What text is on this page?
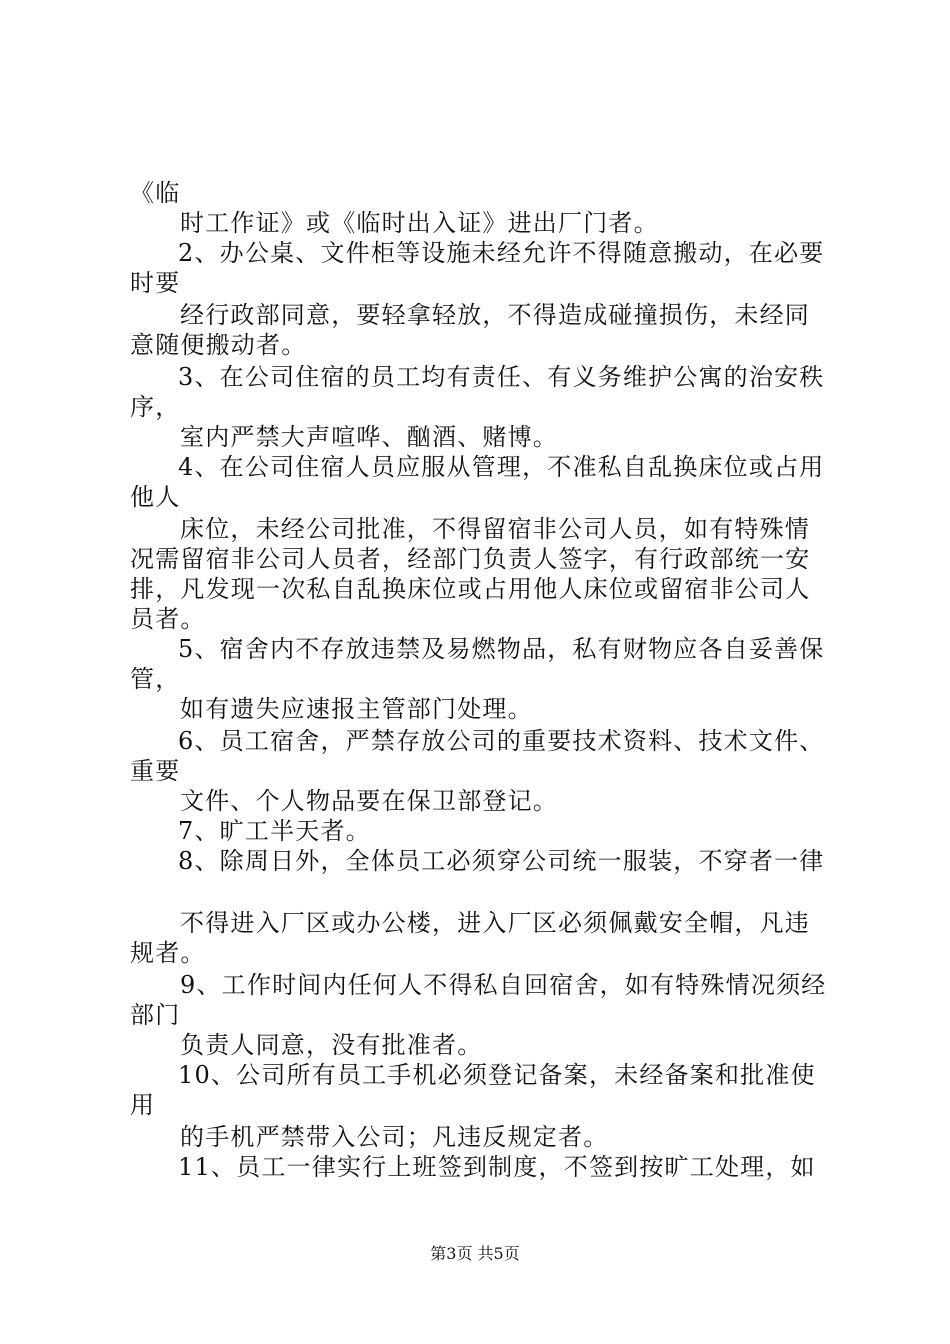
《临
时工作证》或《临时出入证》进出厂门者。
2、办公桌、文件柜等设施未经允许不得随意搬动，在必要
时要
经行政部同意，要轻拿轻放，不得造成碰撞损伤，未经同
意随便搬动者。
3、在公司住宿的员工均有责任、有义务维护公寓的治安秩
序，
室内严禁大声喧哗、酗酒、赌博。
4、在公司住宿人员应服从管理，不准私自乱换床位或占用
他人
床位，未经公司批准，不得留宿非公司人员，如有特殊情
况需留宿非公司人员者，经部门负责人签字，有行政部统一安
排，凡发现一次私自乱换床位或占用他人床位或留宿非公司人
员者。
5、宿舍内不存放违禁及易燃物品，私有财物应各自妥善保
管，
如有遗失应速报主管部门处理。
6、员工宿舍，严禁存放公司的重要技术资料、技术文件、
重要
文件、个人物品要在保卫部登记。
7、旷工半天者。
8、除周日外，全体员工必须穿公司统一服装，不穿者一律
不得进入厂区或办公楼，进入厂区必须佩戴安全帽，凡违
规者。
9、工作时间内任何人不得私自回宿舍，如有特殊情况须经
部门
负责人同意，没有批准者。
10、公司所有员工手机必须登记备案，未经备案和批准使
用
的手机严禁带入公司；凡违反规定者。
11、员工一律实行上班签到制度，不签到按旷工处理，如
第3页 共5页
